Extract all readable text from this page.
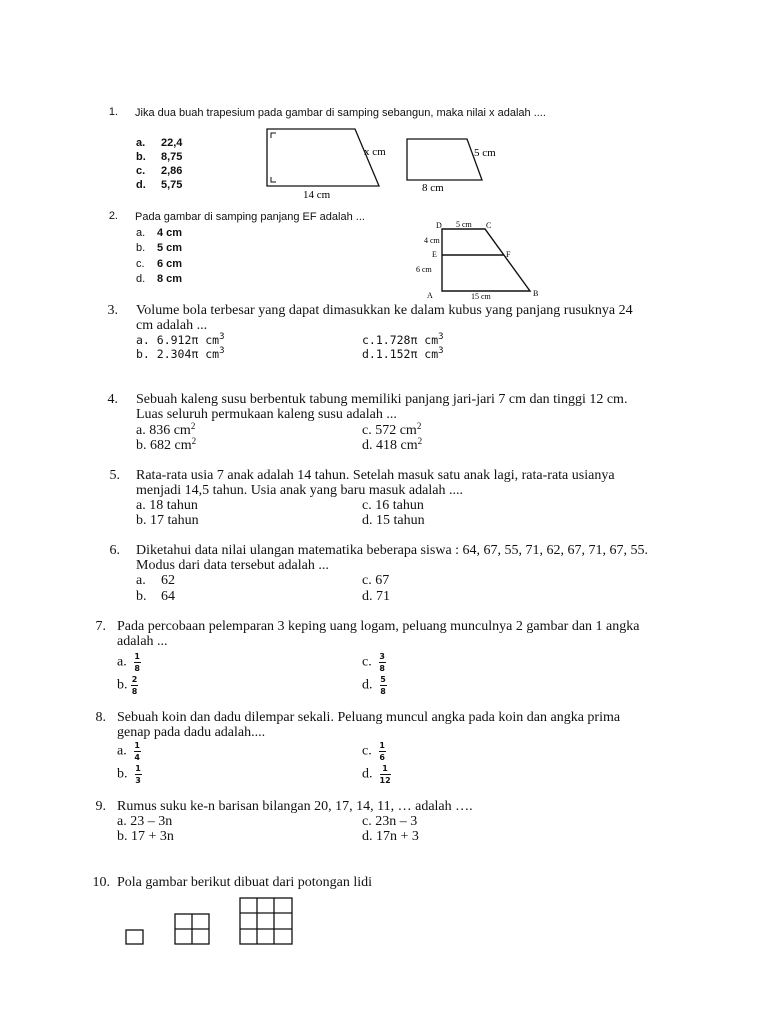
1. Jika dua buah trapesium pada gambar di samping sebangun, maka nilai x adalah ....
a. 22,4
b. 8,75
c. 2,86
d. 5,75
x cm
14 cm
5 cm
8 cm
2. Pada gambar di samping panjang EF adalah ...
a. 4 cm
b. 5 cm
c. 6 cm
d. 8 cm
D	C
5 cm
4 cm
E	F
6 cm
A	15 cm	B
3. Volume bola terbesar yang dapat dimasukkan ke dalam kubus yang panjang rusuknya 24
cm adalah ...
a. 6.912π $cm^3$
b. 2.304π $cm^3$
c.1.728π $cm^3$
d.1.152π $cm^3$
4. Sebuah kaleng susu berbentuk tabung memiliki panjang jari-jari 7 cm dan tinggi 12 cm.
Luas seluruh permukaan kaleng susu adalah ...
a. 836 $cm^2$
b. 682 $cm^2$
c. 572 $cm^2$
d. 418 $cm^2$
5. Rata-rata usia 7 anak adalah 14 tahun. Setelah masuk satu anak lagi, rata-rata usianya
menjadi 14,5 tahun. Usia anak yang baru masuk adalah ....
a. 18 tahun
b. 17 tahun
c. 16 tahun
d. 15 tahun
6. Diketahui data nilai ulangan matematika beberapa siswa : 64, 67, 55, 71, 62, 67, 71, 67, 55.
Modus dari data tersebut adalah ...
a. 62
b. 64
c. 67
d. 71
7. Pada percobaan pelemparan 3 keping uang logam, peluang munculnya 2 gambar dan 1 angka
adalah ...
a. $\frac{1}{8}$
b. $\frac{2}{8}$
c. $\frac{3}{8}$
d. $\frac{5}{8}$
8. Sebuah koin dan dadu dilempar sekali. Peluang muncul angka pada koin dan angka prima
genap pada dadu adalah....
a. $\frac{1}{4}$
b. $\frac{1}{3}$
c. $\frac{1}{6}$
d. $\frac{1}{12}$
9. Rumus suku ke-n barisan bilangan 20, 17, 14, 11, … adalah ….
a. 23 – 3n
b. 17 + 3n
c. 23n – 3
d. 17n + 3
10. Pola gambar berikut dibuat dari potongan lidi
